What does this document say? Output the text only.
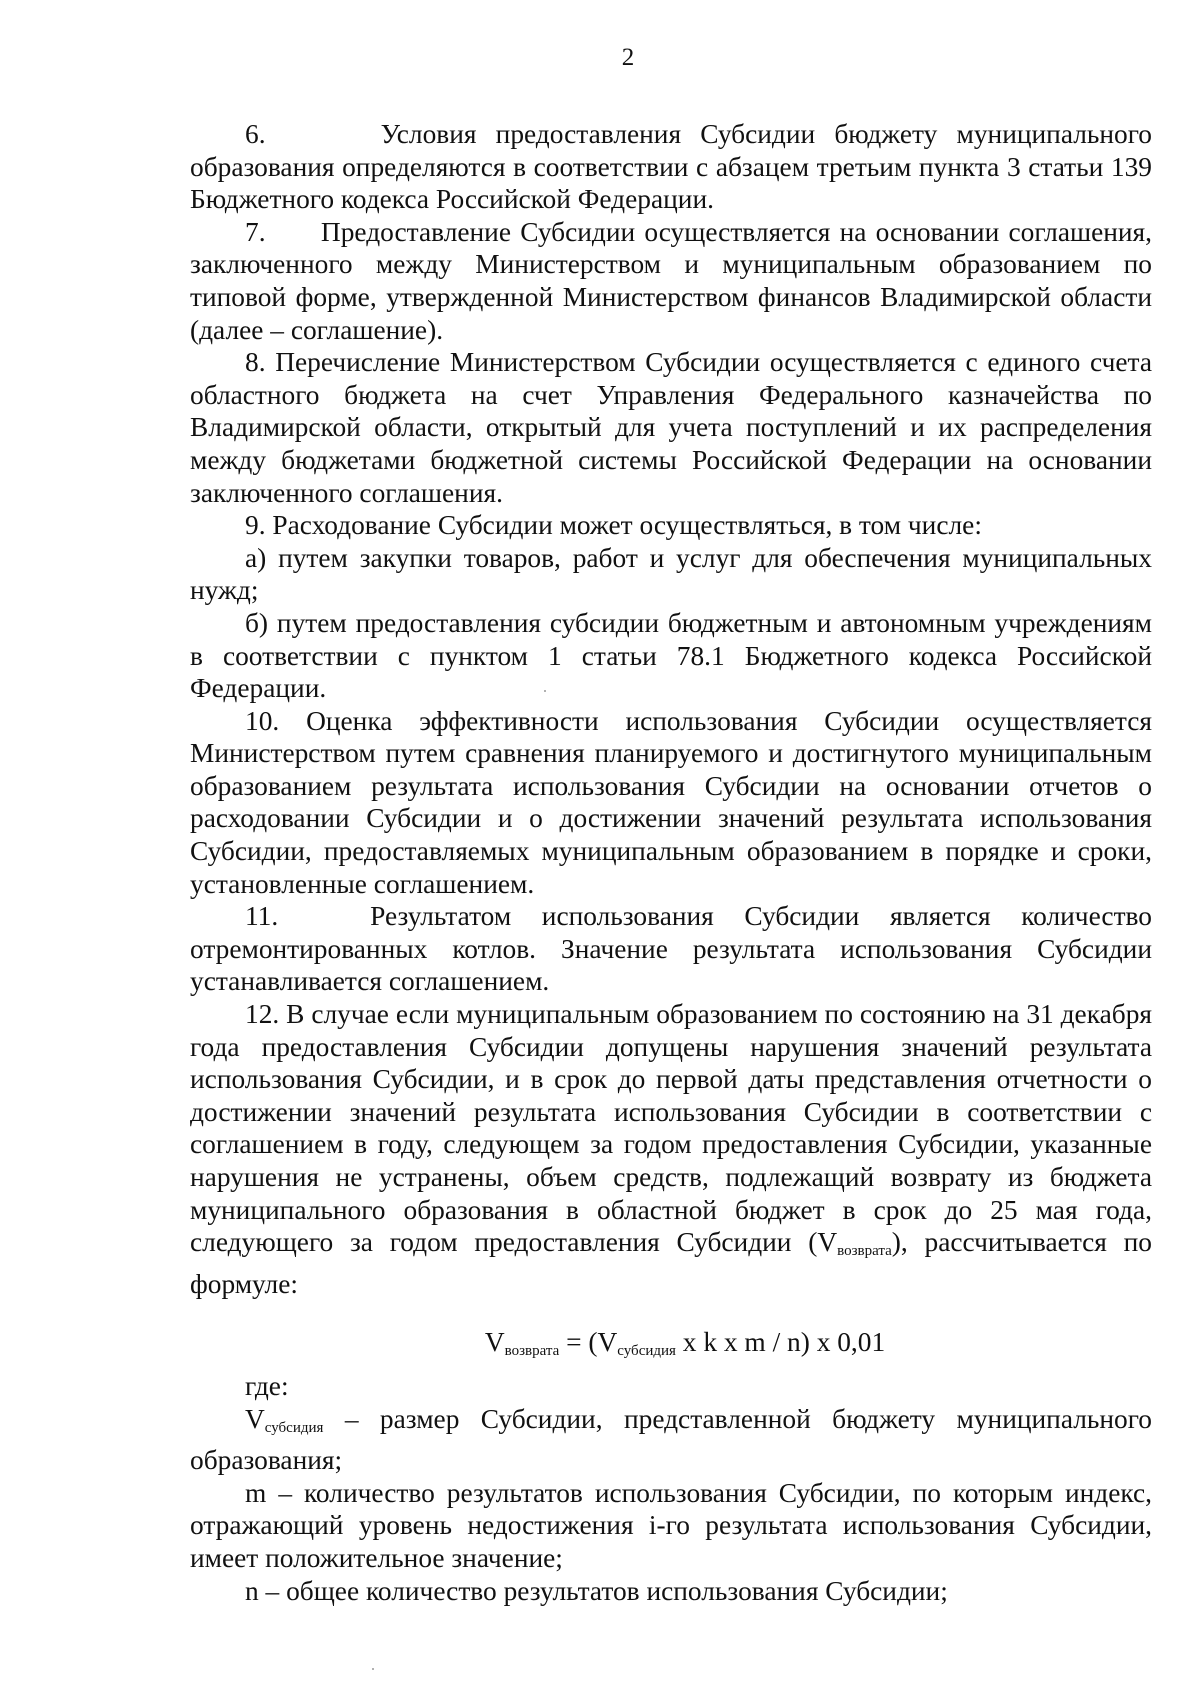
2

6.      Условия предоставления Субсидии бюджету муниципального образования определяются в соответствии с абзацем третьим пункта 3 статьи 139 Бюджетного кодекса Российской Федерации.

7.      Предоставление Субсидии осуществляется на основании соглашения, заключенного между Министерством и муниципальным образованием по типовой форме, утвержденной Министерством финансов Владимирской области (далее – соглашение).

8. Перечисление Министерством Субсидии осуществляется с единого счета областного бюджета на счет Управления Федерального казначейства по Владимирской области, открытый для учета поступлений и их распределения между бюджетами бюджетной системы Российской Федерации на основании заключенного соглашения.

9. Расходование Субсидии может осуществляться, в том числе:

а) путем закупки товаров, работ и услуг для обеспечения муниципальных нужд;

б) путем предоставления субсидии бюджетным и автономным учреждениям в соответствии с пунктом 1 статьи 78.1 Бюджетного кодекса Российской Федерации.

10. Оценка эффективности использования Субсидии осуществляется Министерством путем сравнения планируемого и достигнутого муниципальным образованием результата использования Субсидии на основании отчетов о расходовании Субсидии и о достижении значений результата использования Субсидии, предоставляемых муниципальным образованием в порядке и сроки, установленные соглашением.

11.   Результатом использования Субсидии является количество отремонтированных котлов. Значение результата использования Субсидии устанавливается соглашением.

12. В случае если муниципальным образованием по состоянию на 31 декабря года предоставления Субсидии допущены нарушения значений результата использования Субсидии, и в срок до первой даты представления отчетности о достижении значений результата использования Субсидии в соответствии с соглашением в году, следующем за годом предоставления Субсидии, указанные нарушения не устранены, объем средств, подлежащий возврату из бюджета муниципального образования в областной бюджет в срок до 25 мая года, следующего за годом предоставления Субсидии $(V_{возврата})$, рассчитывается по формуле:

$V_{возврата} = (V_{субсидия}$ x k x m / n) x 0,01

где:

$V_{субсидия}$ – размер Субсидии, представленной бюджету муниципального образования;

m – количество результатов использования Субсидии, по которым индекс, отражающий уровень недостижения i-го результата использования Субсидии, имеет положительное значение;

n – общее количество результатов использования Субсидии;
